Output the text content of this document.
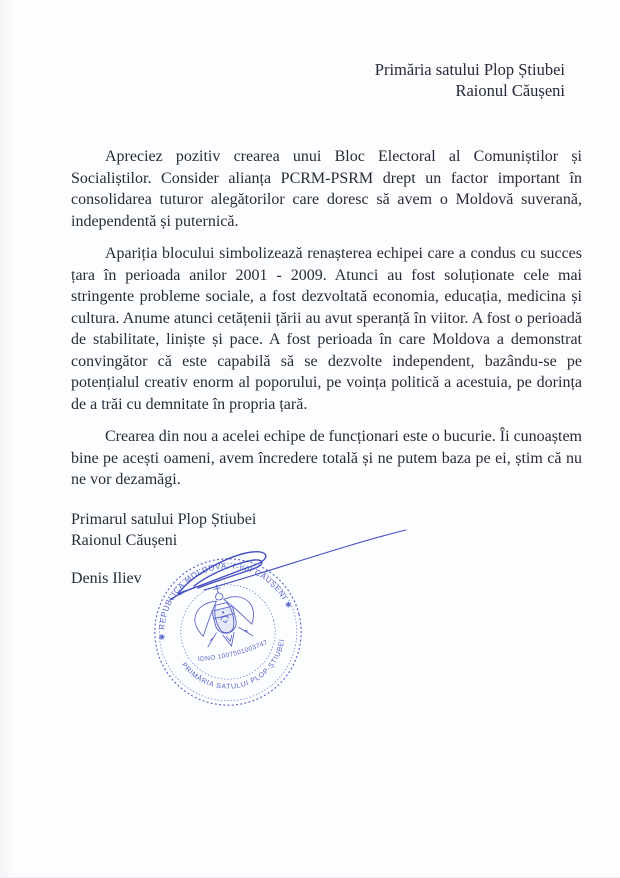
Primăria satului Plop Știubei
Raionul Căușeni

Apreciez pozitiv crearea unui Bloc Electoral al Comuniștilor și Socialiștilor. Consider alianța PCRM-PSRM drept un factor important în consolidarea tuturor alegătorilor care doresc să avem o Moldovă suverană, independentă și puternică.

Apariția blocului simbolizează renașterea echipei care a condus cu succes țara în perioada anilor 2001 - 2009. Atunci au fost soluționate cele mai stringente probleme sociale, a fost dezvoltată economia, educația, medicina și cultura. Anume atunci cetățenii țării au avut speranță în viitor. A fost o perioadă de stabilitate, liniște și pace. A fost perioada în care Moldova a demonstrat convingător că este capabilă să se dezvolte independent, bazându-se pe potențialul creativ enorm al poporului, pe voința politică a acestuia, pe dorința de a trăi cu demnitate în propria țară.

Crearea din nou a acelei echipe de funcționari este o bucurie. Îi cunoaștem bine pe acești oameni, avem încredere totală și ne putem baza pe ei, știm că nu ne vor dezamăgi.

Primarul satului Plop Știubei
Raionul Căușeni
Denis Iliev
✱ REPUBLICA MOLDOVA, r-nul CĂUȘENI ✱
PRIMĂRIA SATULUI PLOP-ȘTIUBEI
IDNO 1007501003747
